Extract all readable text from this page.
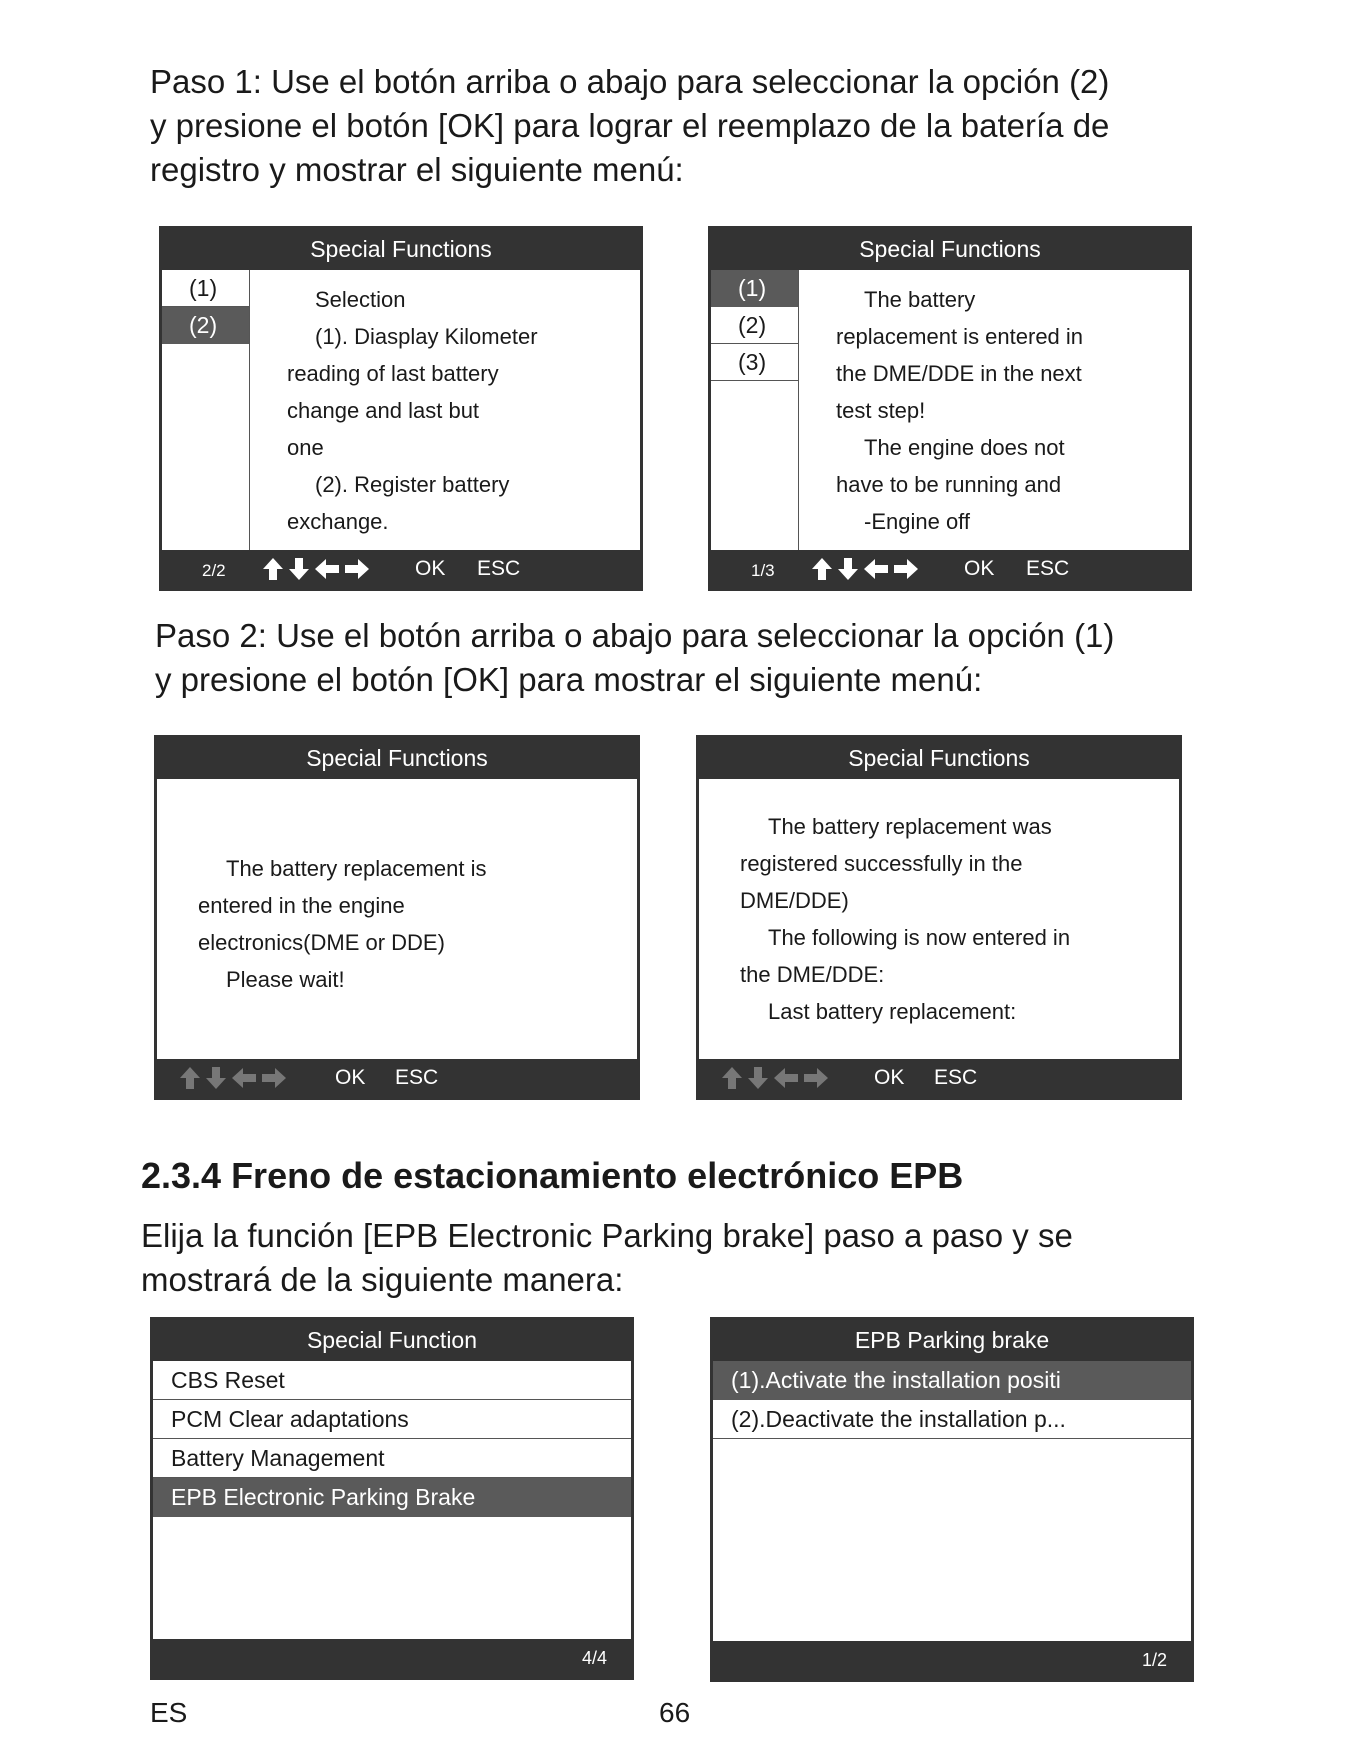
Paso 1: Use el botón arriba o abajo para seleccionar la opción (2)
y presione el botón [OK] para lograr el reemplazo de la batería de
registro y mostrar el siguiente menú:
Special Functions
(1)
(2)
Selection
(1). Diasplay Kilometer
reading of last battery
change and last but
one
(2). Register battery
exchange.
2/2	OK ESC
Special Functions
(1)
(2)
(3)
The battery
replacement is entered in
the DME/DDE in the next
test step!
The engine does not
have to be running and
-Engine off
1/3	OK ESC
Paso 2: Use el botón arriba o abajo para seleccionar la opción (1)
y presione el botón [OK] para mostrar el siguiente menú:
Special Functions
The battery replacement is
entered in the engine
electronics(DME or DDE)
Please wait!
OK ESC
Special Functions
The battery replacement was
registered successfully in the
DME/DDE)
The following is now entered in
the DME/DDE:
Last battery replacement:
OK ESC
2.3.4 Freno de estacionamiento electrónico EPB
Elija la función [EPB Electronic Parking brake] paso a paso y se
mostrará de la siguiente manera:
Special Function
CBS Reset
PCM Clear adaptations
Battery Management
EPB Electronic Parking Brake
4/4
EPB Parking brake
(1).Activate the installation positi
(2).Deactivate the installation p...
1/2
ES	66
